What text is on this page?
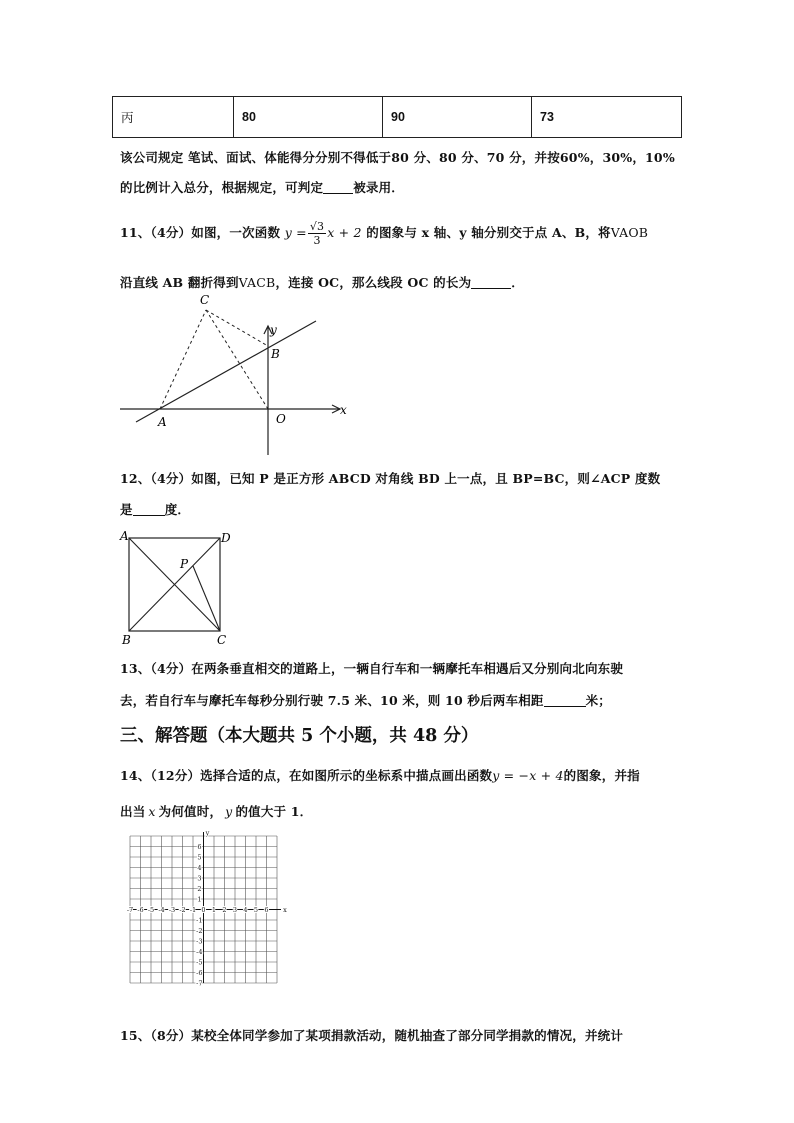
丙	80	90	73
该公司规定 笔试、面试、体能得分分别不得低于80 分、80 分、70 分，并按60%，30%，10%
的比例计入总分，根据规定，可判定 被录用．
11、（4分）如图，一次函数 $y = \frac{√3}{3}$ x + 2 的图象与 x 轴、y 轴分别交于点 A、B，将VAOB
沿直线 AB 翻折得到VACB，连接 OC，那么线段 OC 的长为	．
C
y
B
x
A	O
12、（4分）如图，已知 P 是正方形 ABCD 对角线 BD 上一点，且 BP=BC，则∠ACP 度数
是	度．
A	D
P
B	C
13、（4分）在两条垂直相交的道路上，一辆自行车和一辆摩托车相遇后又分别向北向东驶
去，若自行车与摩托车每秒分别行驶 7.5 米、10 米，则 10 秒后两车相距	米；
三、解答题（本大题共 5 个小题，共 48 分）
14、（12分）选择合适的点，在如图所示的坐标系中描点画出函数y = −x + 4的图象，并指
出当 x 为何值时， y 的值大于 1．
-7 -6 -5 -4 -3 -2 -1 0 1 2 3 4 5 6
6
5
4
3
2
1
-1
-2
-3
-4
-5
-6
-7
x
y
15、（8分）某校全体同学参加了某项捐款活动，随机抽查了部分同学捐款的情况，并统计
